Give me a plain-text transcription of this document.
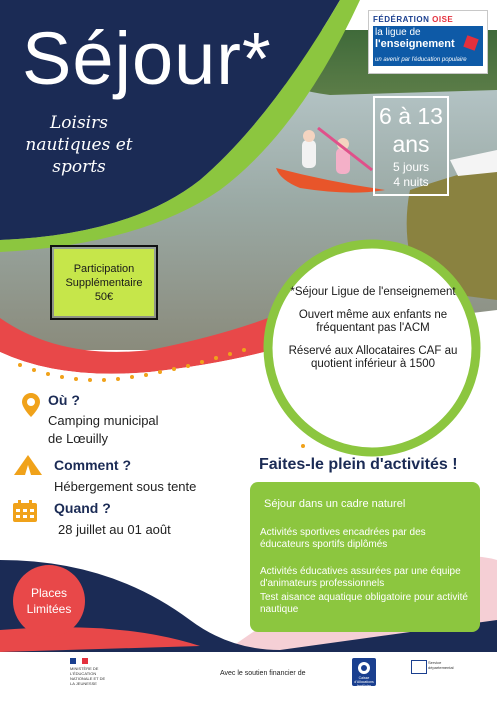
Séjour*
Loisirs
nautiques et
sports
FÉDÉRATION OISE
la ligue de
l'enseignement
un avenir par l'éducation populaire
6 à 13
ans
5 jours
4 nuits
Participation
Supplémentaire
50€	*Séjour Ligue de l'enseignement

Ouvert même aux enfants ne fréquentant pas l'ACM

Réservé aux Allocataires CAF au quotient inférieur à 1500

Où ?
Camping municipal
de Lœuilly
Comment ?
Hébergement sous tente
Quand ?
28 juillet au 01 août
Faites-le plein d'activités !
Séjour dans un cadre naturel
Activités sportives encadrées par des éducateurs sportifs diplômés
Activités éducatives assurées par une équipe d'animateurs professionnels
Test aisance aquatique obligatoire pour activité nautique
Places
Limitées
MINISTÈRE DE L'ÉDUCATION NATIONALE ET DE LA JEUNESSE
Avec le soutien financier de
Caisse d'Allocations familiales
Service départemental
